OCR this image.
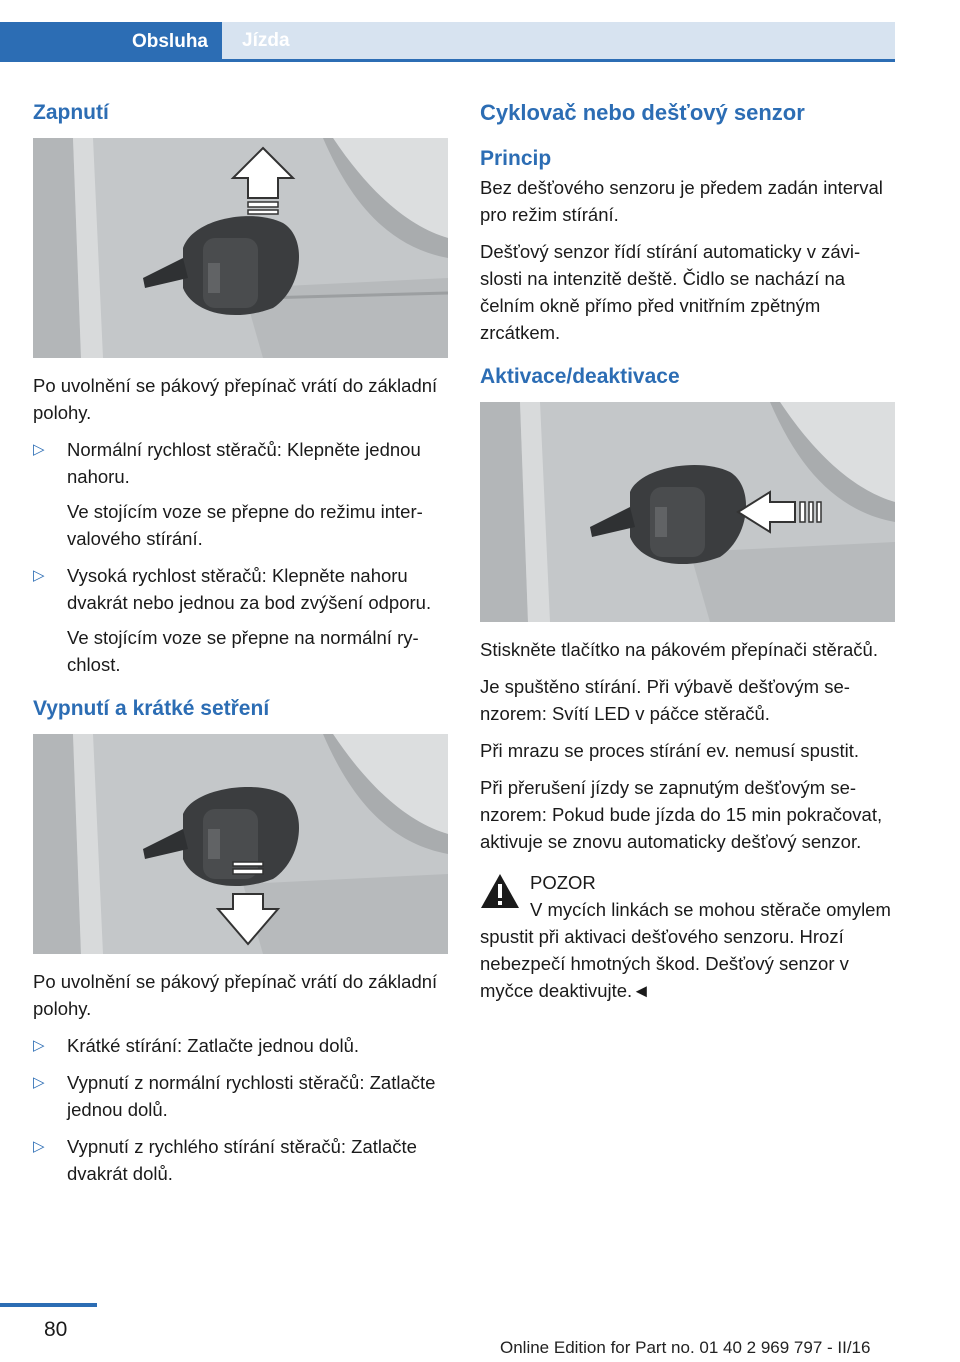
Obsluha	Jízda
Zapnutí

Po uvolnění se pákový přepínač vrátí do základní polohy.

▷ Normální rychlost stěračů: Klepněte jednou nahoru.

Ve stojícím voze se přepne do režimu intervalového stírání.

▷ Vysoká rychlost stěračů: Klepněte nahoru dvakrát nebo jednou za bod zvýšení odporu.

Ve stojícím voze se přepne na normální rychlost.

Vypnutí a krátké setření

Po uvolnění se pákový přepínač vrátí do základní polohy.

▷ Krátké stírání: Zatlačte jednou dolů.

▷ Vypnutí z normální rychlosti stěračů: Zatlačte jednou dolů.

▷ Vypnutí z rychlého stírání stěračů: Zatlačte dvakrát dolů.

Cyklovač nebo dešťový senzor
Princip

Bez dešťového senzoru je předem zadán interval pro režim stírání.

Dešťový senzor řídí stírání automaticky v závislosti na intenzitě deště. Čidlo se nachází na čelním okně přímo před vnitřním zpětným zrcátkem.

Aktivace/deaktivace

Stiskněte tlačítko na pákovém přepínači stěračů.

Je spuštěno stírání. Při výbavě dešťovým senzorem: Svítí LED v páčce stěračů.

Při mrazu se proces stírání ev. nemusí spustit.

Při přerušení jízdy se zapnutým dešťovým senzorem: Pokud bude jízda do 15 min pokračovat, aktivuje se znovu automaticky dešťový senzor.

POZOR

V mycích linkách se mohou stěrače omylem spustit při aktivaci dešťového senzoru. Hrozí nebezpečí hmotných škod. Dešťový senzor v myčce deaktivujte.◄

80
Online Edition for Part no. 01 40 2 969 797 - II/16
